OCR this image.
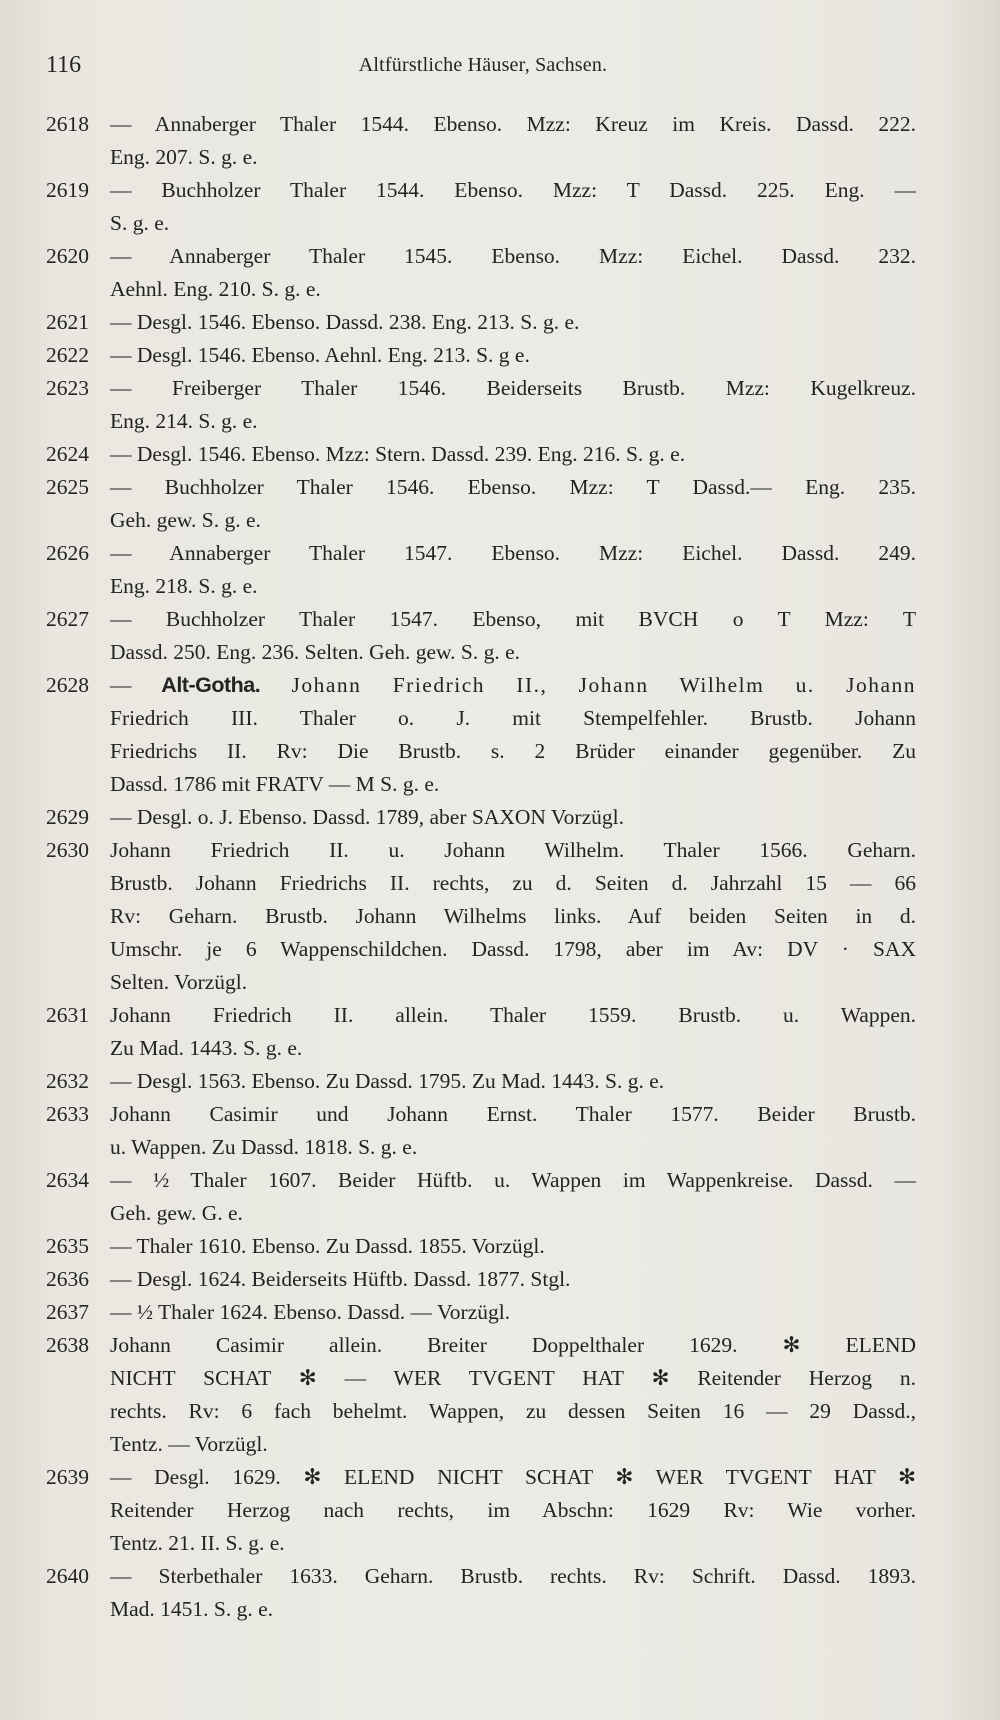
116	Altfürstliche Häuser, Sachsen.
2618 — Annaberger Thaler 1544. Ebenso. Mzz: Kreuz im Kreis. Dassd. 222.
Eng. 207. S. g. e.
2619 — Buchholzer Thaler 1544. Ebenso. Mzz: T Dassd. 225. Eng. —
S. g. e.
2620 — Annaberger Thaler 1545. Ebenso. Mzz: Eichel. Dassd. 232.
Aehnl. Eng. 210. S. g. e.
2621 — Desgl. 1546. Ebenso. Dassd. 238. Eng. 213. S. g. e.
2622 — Desgl. 1546. Ebenso. Aehnl. Eng. 213. S. g e.
2623 — Freiberger Thaler 1546. Beiderseits Brustb. Mzz: Kugelkreuz.
Eng. 214. S. g. e.
2624 — Desgl. 1546. Ebenso. Mzz: Stern. Dassd. 239. Eng. 216. S. g. e.
2625 — Buchholzer Thaler 1546. Ebenso. Mzz: T Dassd.— Eng. 235.
Geh. gew. S. g. e.
2626 — Annaberger Thaler 1547. Ebenso. Mzz: Eichel. Dassd. 249.
Eng. 218. S. g. e.
2627 — Buchholzer Thaler 1547. Ebenso, mit BVCH o T Mzz: T
Dassd. 250. Eng. 236. Selten. Geh. gew. S. g. e.
2628 — Alt-Gotha. Johann Friedrich II., Johann Wilhelm u. Johann
Friedrich III. Thaler o. J. mit Stempelfehler. Brustb. Johann
Friedrichs II. Rv: Die Brustb. s. 2 Brüder einander gegenüber. Zu
Dassd. 1786 mit FRATV — M S. g. e.
2629 — Desgl. o. J. Ebenso. Dassd. 1789, aber SAXON Vorzügl.
2630 Johann Friedrich II. u. Johann Wilhelm. Thaler 1566. Geharn.
Brustb. Johann Friedrichs II. rechts, zu d. Seiten d. Jahrzahl 15 — 66
Rv: Geharn. Brustb. Johann Wilhelms links. Auf beiden Seiten in d.
Umschr. je 6 Wappenschildchen. Dassd. 1798, aber im Av: DV · SAX
Selten. Vorzügl.
2631 Johann Friedrich II. allein. Thaler 1559. Brustb. u. Wappen.
Zu Mad. 1443. S. g. e.
2632 — Desgl. 1563. Ebenso. Zu Dassd. 1795. Zu Mad. 1443. S. g. e.
2633 Johann Casimir und Johann Ernst. Thaler 1577. Beider Brustb.
u. Wappen. Zu Dassd. 1818. S. g. e.
2634 — ½ Thaler 1607. Beider Hüftb. u. Wappen im Wappenkreise. Dassd. —
Geh. gew. G. e.
2635 — Thaler 1610. Ebenso. Zu Dassd. 1855. Vorzügl.
2636 — Desgl. 1624. Beiderseits Hüftb. Dassd. 1877. Stgl.
2637 — ½ Thaler 1624. Ebenso. Dassd. — Vorzügl.
2638 Johann Casimir allein. Breiter Doppelthaler 1629. ✻ ELEND
NICHT SCHAT ✻ — WER TVGENT HAT ✻ Reitender Herzog n.
rechts. Rv: 6 fach behelmt. Wappen, zu dessen Seiten 16 — 29 Dassd.,
Tentz. — Vorzügl.
2639 — Desgl. 1629. ✻ ELEND NICHT SCHAT ✻ WER TVGENT HAT ✻
Reitender Herzog nach rechts, im Abschn: 1629 Rv: Wie vorher.
Tentz. 21. II. S. g. e.
2640 — Sterbethaler 1633. Geharn. Brustb. rechts. Rv: Schrift. Dassd. 1893.
Mad. 1451. S. g. e.
